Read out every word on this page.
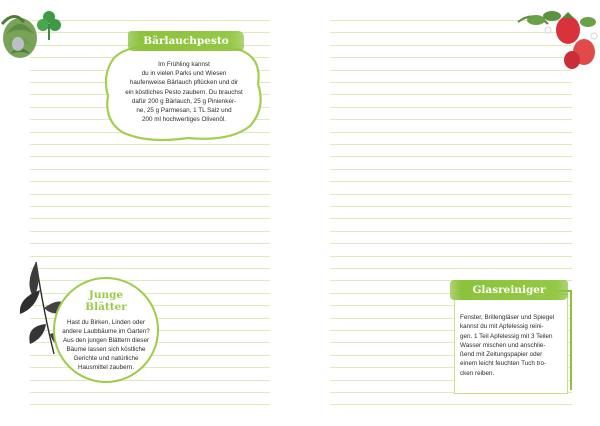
Bärlauchpesto
Im Frühling kannst
du in vielen Parks und Wiesen
haufenweise Bärlauch pflücken und dir
ein köstliches Pesto zaubern. Du brauchst
dafür 200 g Bärlauch, 25 g Pinienker-
ne, 25 g Parmesan, 1 TL Salz und
200 ml hochwertiges Olivenöl.
Junge
Blätter
Hast du Birken, Linden oder
andere Laubbäume im Garten?
Aus den jungen Blättern dieser
Bäume lassen sich köstliche
Gerichte und natürliche
Hausmittel zaubern.
Glasreiniger
Fenster, Brillengläser und Spiegel
kannst du mit Apfelessig reini-
gen. 1 Teil Apfelessig mit 3 Teilen
Wasser mischen und anschlie-
ßend mit Zeitungspapier oder
einem leicht feuchten Tuch tro-
cken reiben.
